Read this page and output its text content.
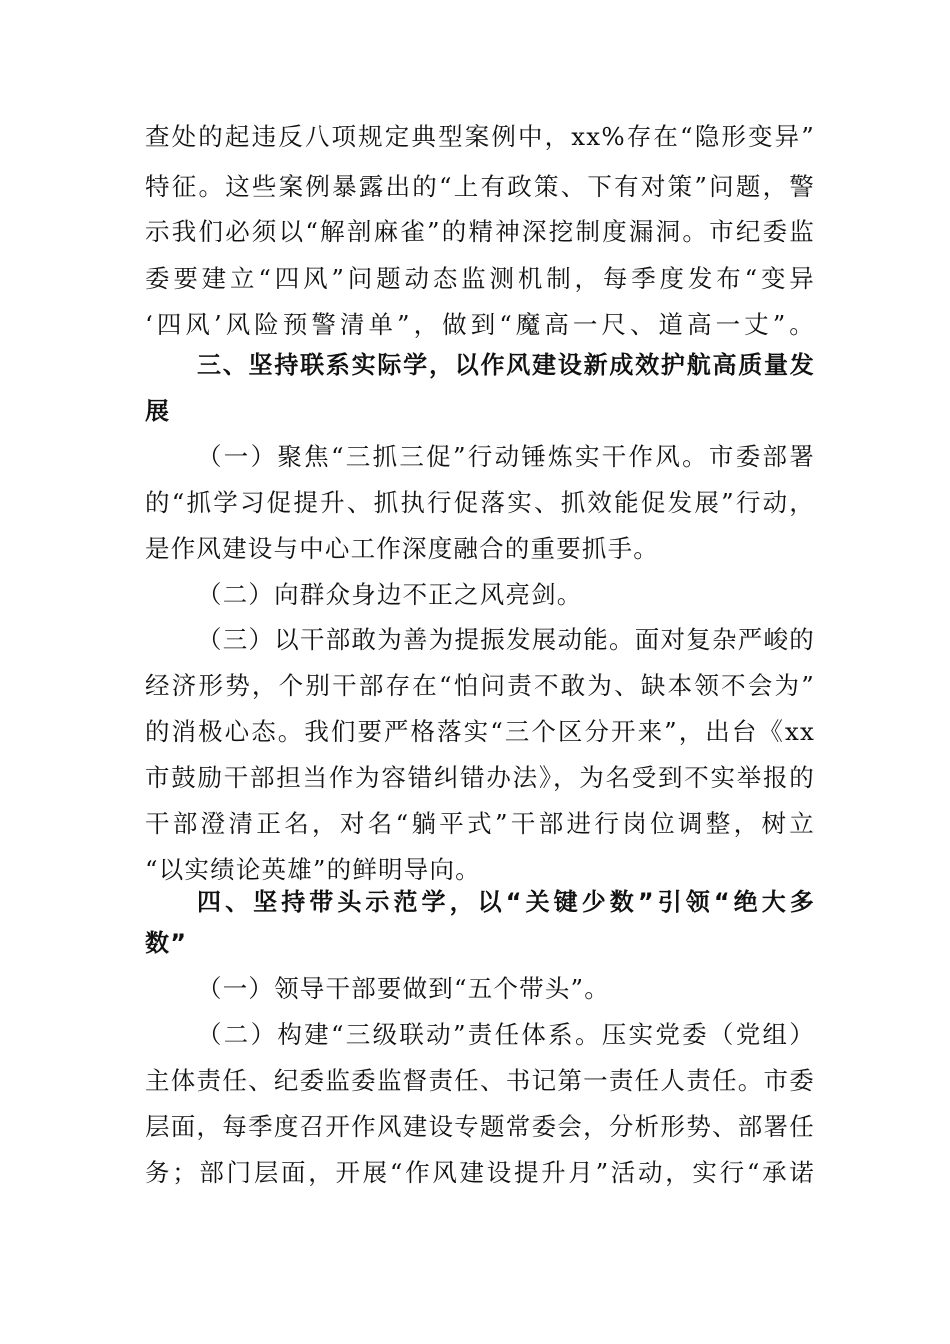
查处的起违反八项规定典型案例中，xx%存在“隐形变异”
特征。这些案例暴露出的“上有政策、下有对策”问题，警
示我们必须以“解剖麻雀”的精神深挖制度漏洞。市纪委监
委要建立“四风”问题动态监测机制，每季度发布“变异
‘四风’风险预警清单”，做到“魔高一尺、道高一丈”。
三、坚持联系实际学，以作风建设新成效护航高质量发
展
（一）聚焦“三抓三促”行动锤炼实干作风。市委部署
的“抓学习促提升、抓执行促落实、抓效能促发展”行动，
是作风建设与中心工作深度融合的重要抓手。
（二）向群众身边不正之风亮剑。
（三）以干部敢为善为提振发展动能。面对复杂严峻的
经济形势，个别干部存在“怕问责不敢为、缺本领不会为”
的消极心态。我们要严格落实“三个区分开来”，出台《xx
市鼓励干部担当作为容错纠错办法》，为名受到不实举报的
干部澄清正名，对名“躺平式”干部进行岗位调整，树立
“以实绩论英雄”的鲜明导向。
四、坚持带头示范学，以“关键少数”引领“绝大多
数”
（一）领导干部要做到“五个带头”。
（二）构建“三级联动”责任体系。压实党委（党组）
主体责任、纪委监委监督责任、书记第一责任人责任。市委
层面，每季度召开作风建设专题常委会，分析形势、部署任
务；部门层面，开展“作风建设提升月”活动，实行“承诺
